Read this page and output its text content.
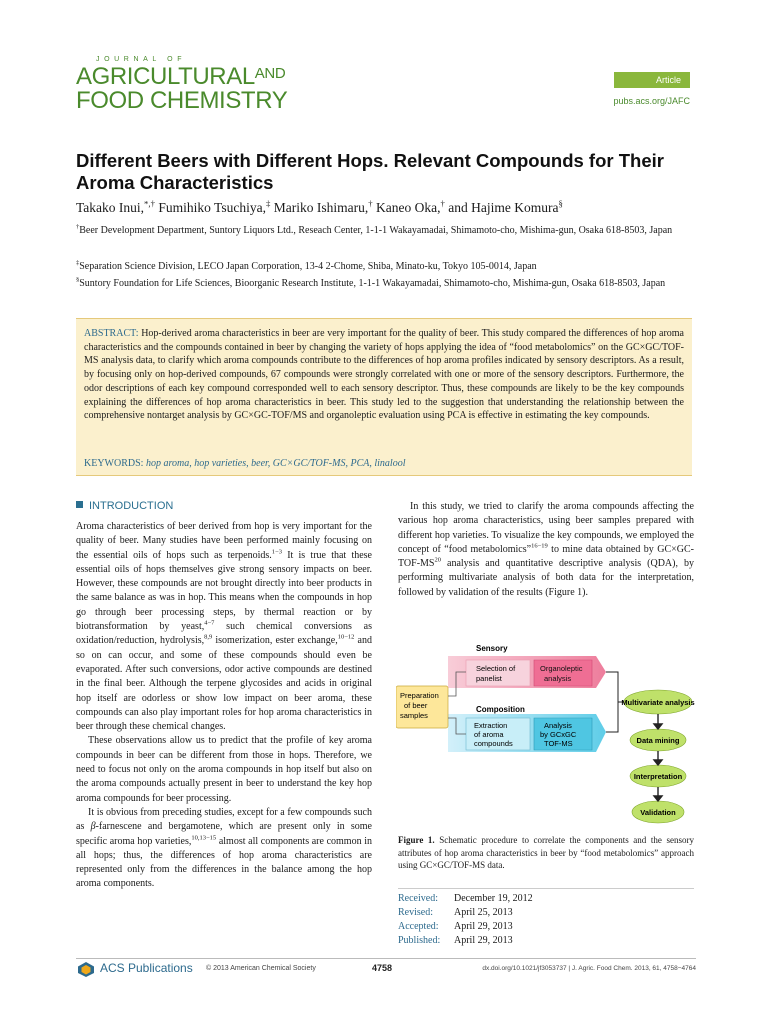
JOURNAL OF
$AGRICULTURAL^{AND}$
FOOD CHEMISTRY
Article
pubs.acs.org/JAFC
Different Beers with Different Hops. Relevant Compounds for Their Aroma Characteristics
Takako Inui,*,† Fumihiko Tsuchiya,‡ Mariko Ishimaru,† Kaneo Oka,† and Hajime Komura§
†Beer Development Department, Suntory Liquors Ltd., Reseach Center, 1-1-1 Wakayamadai, Shimamoto-cho, Mishima-gun, Osaka 618-8503, Japan
‡Separation Science Division, LECO Japan Corporation, 13-4 2-Chome, Shiba, Minato-ku, Tokyo 105-0014, Japan
§Suntory Foundation for Life Sciences, Bioorganic Research Institute, 1-1-1 Wakayamadai, Shimamoto-cho, Mishima-gun, Osaka 618-8503, Japan
ABSTRACT: Hop-derived aroma characteristics in beer are very important for the quality of beer. This study compared the differences of hop aroma characteristics and the compounds contained in beer by changing the variety of hops applying the idea of “food metabolomics” on the GC×GC/TOF-MS analysis data, to clarify which aroma compounds contribute to the differences of hop aroma profiles indicated by sensory descriptors. As a result, by focusing only on hop-derived compounds, 67 compounds were strongly correlated with one or more of the sensory descriptors. Furthermore, the odor descriptions of each key compound corresponded well to each sensory descriptor. Thus, these compounds are likely to be the key compounds explaining the differences of hop aroma characteristics in beer. This study led to the suggestion that understanding the relationship between the comprehensive nontarget analysis by GC×GC-TOF/MS and organoleptic evaluation using PCA is effective in estimating the key compounds.
KEYWORDS: hop aroma, hop varieties, beer, GC×GC/TOF-MS, PCA, linalool
INTRODUCTION

Aroma characteristics of beer derived from hop is very important for the quality of beer. Many studies have been performed mainly focusing on the essential oils of hops such as terpenoids.$^{1-3}$ It is true that these essential oils of hops themselves give strong sensory impacts on beer. However, these compounds are not brought directly into beer products in the same balance as was in hop. This means when the compounds in hop go through beer processing steps, by thermal reaction or by biotransformation by yeast,$^{4-7}$ such chemical conversions as oxidation/reduction, hydrolysis,$^{8,9}$ isomerization, ester exchange,$^{10-12}$ and so on can occur, and some of these compounds should even be evaporated. After such conversions, odor active compounds are destined in the final beer. Although the terpene glycosides and acids in original hop itself are odorless or show low impact on beer aroma, these compounds can also play important roles for hop aroma characteristics in beer through these chemical changes.

These observations allow us to predict that the profile of key aroma compounds in beer can be different from those in hops. Therefore, we need to focus not only on the aroma compounds in hop itself but also on the aroma compounds actually present in beer to understand the key hop aroma compounds for beer processing.

It is obvious from preceding studies, except for a few compounds such as β-farnescene and bergamotene, which are present only in some specific aroma hop varieties,$^{10,13-15}$ almost all components are common in all hops; thus, the differences of hop aroma characteristics are represented only from the differences in the balance among the hop aroma components.

In this study, we tried to clarify the aroma compounds affecting the various hop aroma characteristics, using beer samples prepared with different hop varieties. To visualize the key compounds, we employed the concept of “food metabolomics”$^{16-19}$ to mine data obtained by $GC\times GC-TOF-MS^{20}$ analysis and quantitative descriptive analysis (QDA), by performing multivariate analysis of both data for the interpretation, followed by validation of the results (Figure 1).

Sensory
Selection of
panelist
Organoleptic
analysis
Composition
Extraction
of aroma
compounds
Analysis
by GCxGC
TOF-MS
Preparation
of beer
samples
Multivariate analysis
Data mining
Interpretation
Validation
Figure 1. Schematic procedure to correlate the components and the sensory attributes of hop aroma characteristics in beer by “food metabolomics” approach using GC×GC/TOF-MS data.
Received: December 19, 2012
Revised: April 25, 2013
Accepted: April 29, 2013
Published: April 29, 2013
ACS Publications © 2013 American Chemical Society	4758	dx.doi.org/10.1021/jf3053737 | J. Agric. Food Chem. 2013, 61, 4758−4764
